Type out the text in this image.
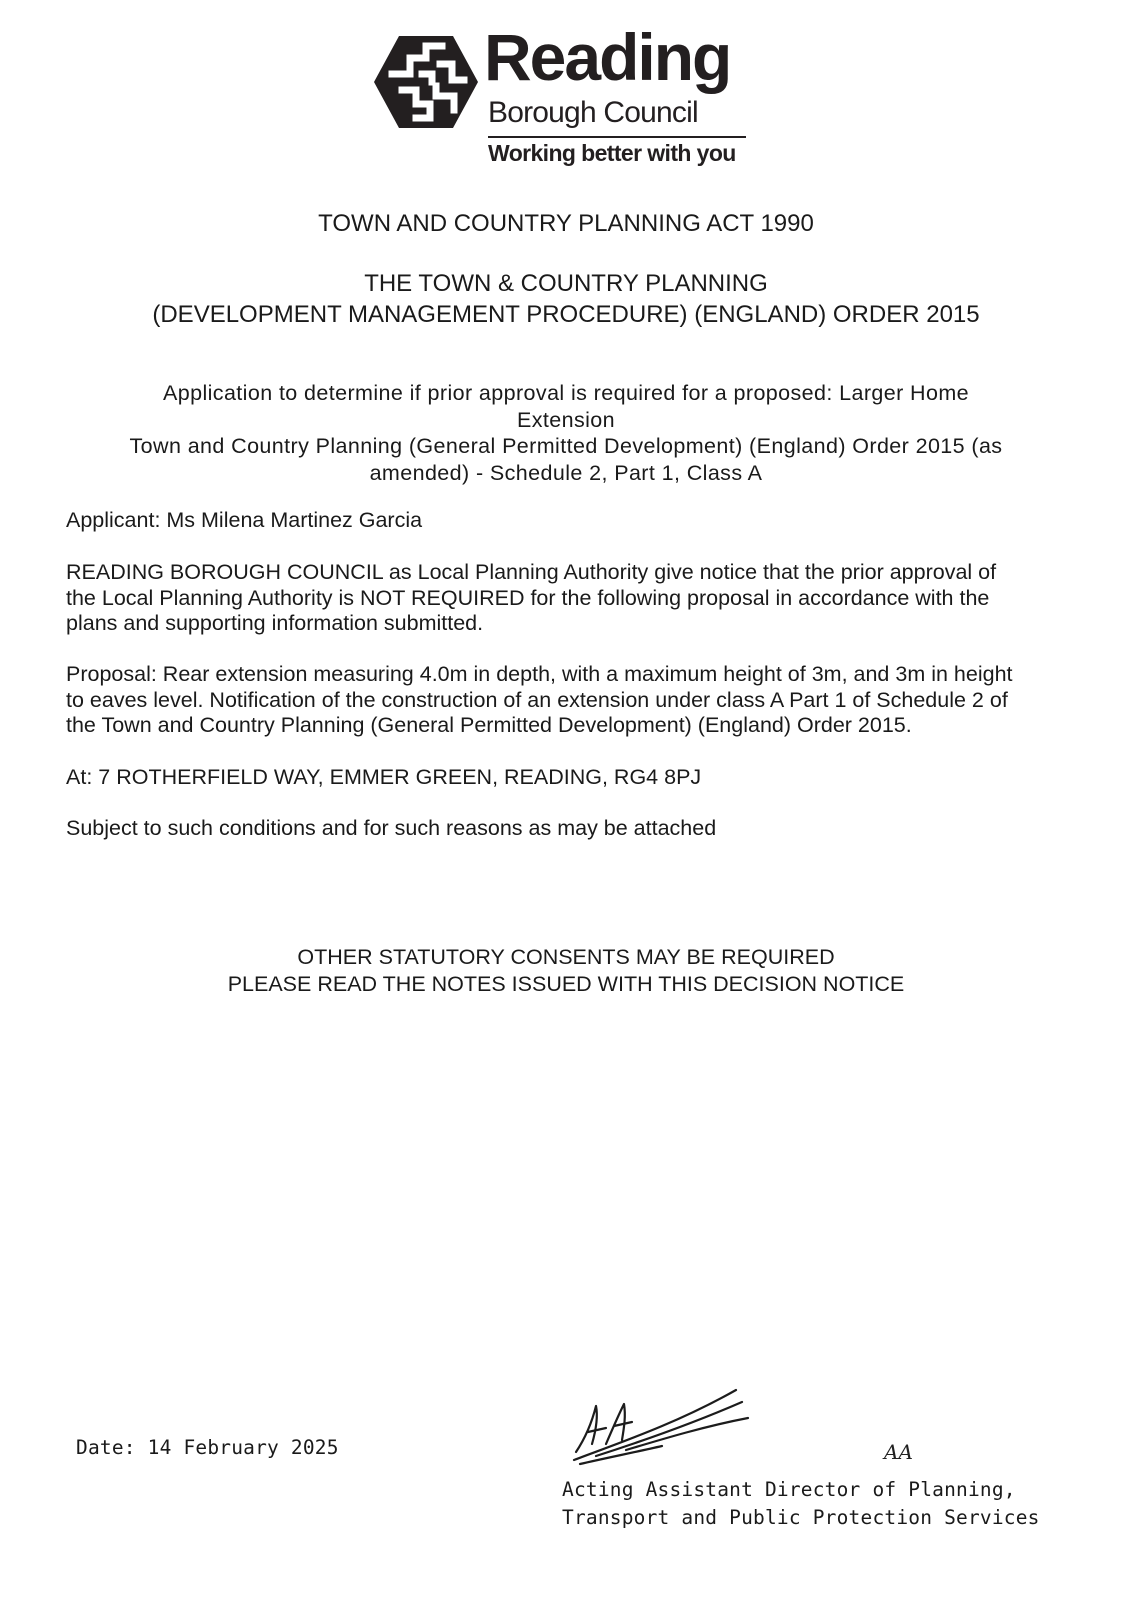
Reading
Borough Council
Working better with you
TOWN AND COUNTRY PLANNING ACT 1990
THE TOWN & COUNTRY PLANNING
(DEVELOPMENT MANAGEMENT PROCEDURE) (ENGLAND) ORDER 2015
Application to determine if prior approval is required for a proposed: Larger Home
Extension
Town and Country Planning (General Permitted Development) (England) Order 2015 (as
amended) - Schedule 2, Part 1, Class A
Applicant: Ms Milena Martinez Garcia
READING BOROUGH COUNCIL as Local Planning Authority give notice that the prior approval of
the Local Planning Authority is NOT REQUIRED for the following proposal in accordance with the
plans and supporting information submitted.
Proposal: Rear extension measuring 4.0m in depth, with a maximum height of 3m, and 3m in height
to eaves level. Notification of the construction of an extension under class A Part 1 of Schedule 2 of
the Town and Country Planning (General Permitted Development) (England) Order 2015.
At: 7 ROTHERFIELD WAY, EMMER GREEN, READING, RG4 8PJ
Subject to such conditions and for such reasons as may be attached
OTHER STATUTORY CONSENTS MAY BE REQUIRED
PLEASE READ THE NOTES ISSUED WITH THIS DECISION NOTICE
Date: 14 February 2025	AA
Acting Assistant Director of Planning,
Transport and Public Protection Services
